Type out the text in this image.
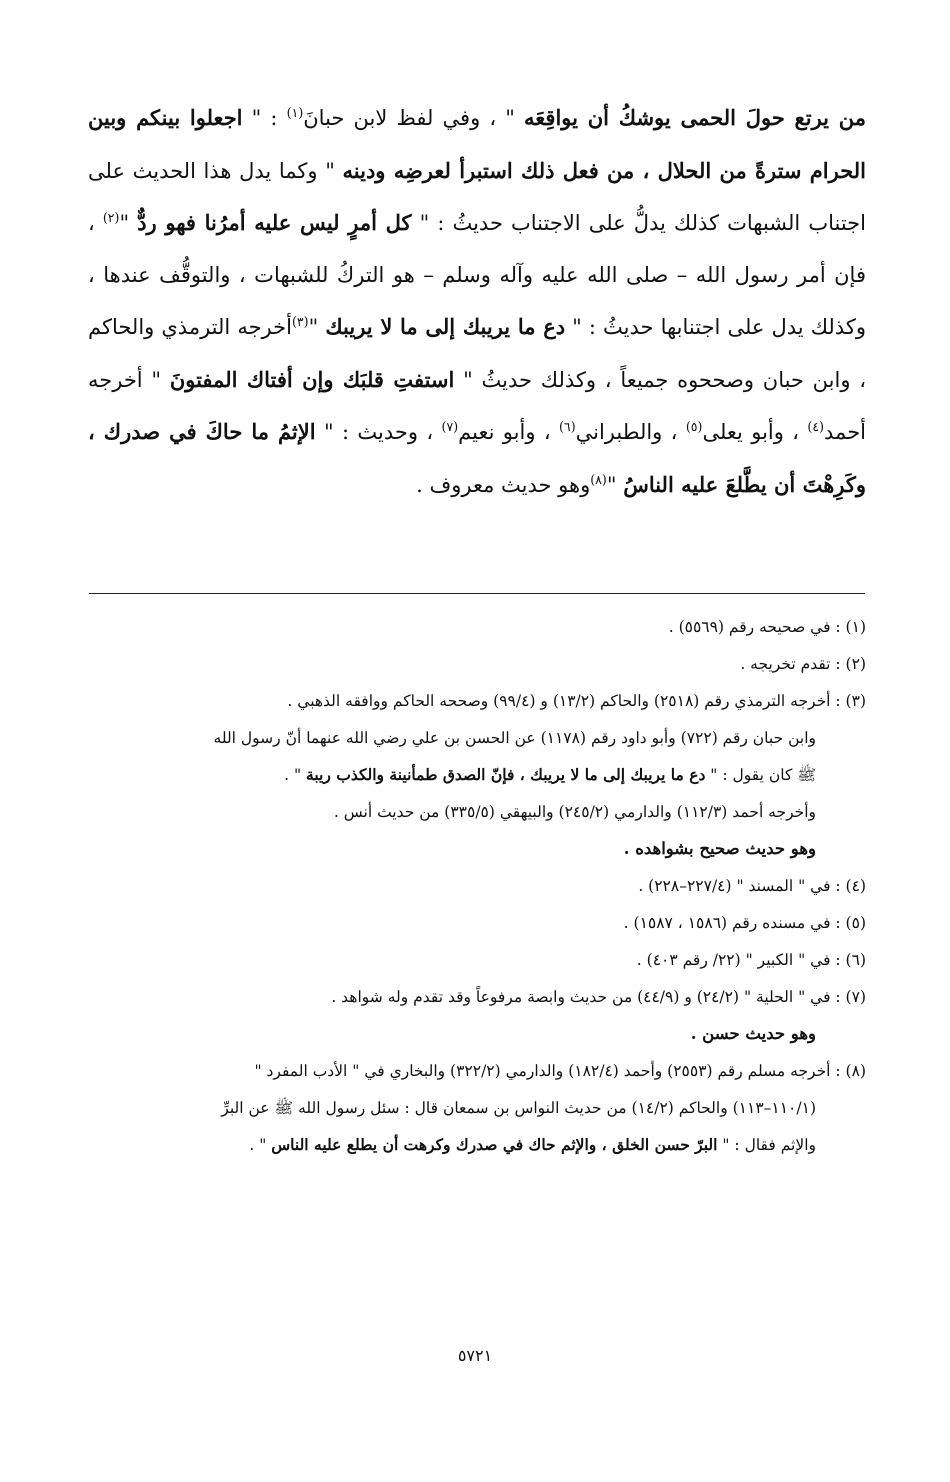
من يرتع حولَ الحمى يوشكُ أن يواقِعَه " ، وفي لفظ لابن حبانَ$^{(١)}$ : " اجعلوا بينكم وبين الحرام سترةً من الحلال ، من فعل ذلك استبرأ لعرضِه ودينه " وكما يدل هذا الحديث على اجتناب الشبهات كذلك يدلُّ على الاجتناب حديثُ : " كل أمرٍ ليس عليه أمرُنا فهو ردٌّ "$^{(٢)}$ ، فإن أمر رسول الله – صلى الله عليه وآله وسلم – هو التركُ للشبهات ، والتوقُّف عندها ، وكذلك يدل على اجتنابها حديثُ : " دع ما يريبك إلى ما لا يريبك "$^{(٣)}$أخرجه الترمذي والحاكم ، وابن حبان وصححوه جميعاً ، وكذلك حديثُ " استفتِ قلبَك وإن أفتاك المفتونَ " أخرجه أحمد$^{(٤)}$ ، وأبو يعلى$^{(٥)}$ ، والطبراني$^{(٦)}$ ، وأبو نعيم$^{(٧)}$ ، وحديث : " الإثمُ ما حاكَ في صدرك ، وكَرِهْتَ أن يطَّلعَ عليه الناسُ "$^{(٨)}$وهو حديث معروف .
(١) : في صحيحه رقم (٥٥٦٩) .
(٢) : تقدم تخريجه .
(٣) : أخرجه الترمذي رقم (٢٥١٨) والحاكم (١٣/٢) و (٩٩/٤) وصححه الحاكم ووافقه الذهبي .
وابن حبان رقم (٧٢٢) وأبو داود رقم (١١٧٨) عن الحسن بن علي رضي الله عنهما أنّ رسول الله
ﷺ كان يقول : " دع ما يريبك إلى ما لا يريبك ، فإنّ الصدق طمأنينة والكذب ريبة " .
وأخرجه أحمد (١١٢/٣) والدارمي (٢٤٥/٢) والبيهقي (٣٣٥/٥) من حديث أنس .
وهو حديث صحيح بشواهده .
(٤) : في " المسند " (٢٢٧/٤–٢٢٨) .
(٥) : في مسنده رقم (١٥٨٦ ، ١٥٨٧) .
(٦) : في " الكبير " (٢٢/ رقم ٤٠٣) .
(٧) : في " الحلية " (٢٤/٢) و (٤٤/٩) من حديث وابصة مرفوعاً وقد تقدم وله شواهد .
وهو حديث حسن .
(٨) : أخرجه مسلم رقم (٢٥٥٣) وأحمد (١٨٢/٤) والدارمي (٣٢٢/٢) والبخاري في " الأدب المفرد "
(١١٠/١–١١٣) والحاكم (١٤/٢) من حديث النواس بن سمعان قال : سئل رسول الله ﷺ عن البرِّ
والإثم فقال : " البرّ حسن الخلق ، والإثم حاك في صدرك وكرهت أن يطلع عليه الناس " .
٥٧٢١
